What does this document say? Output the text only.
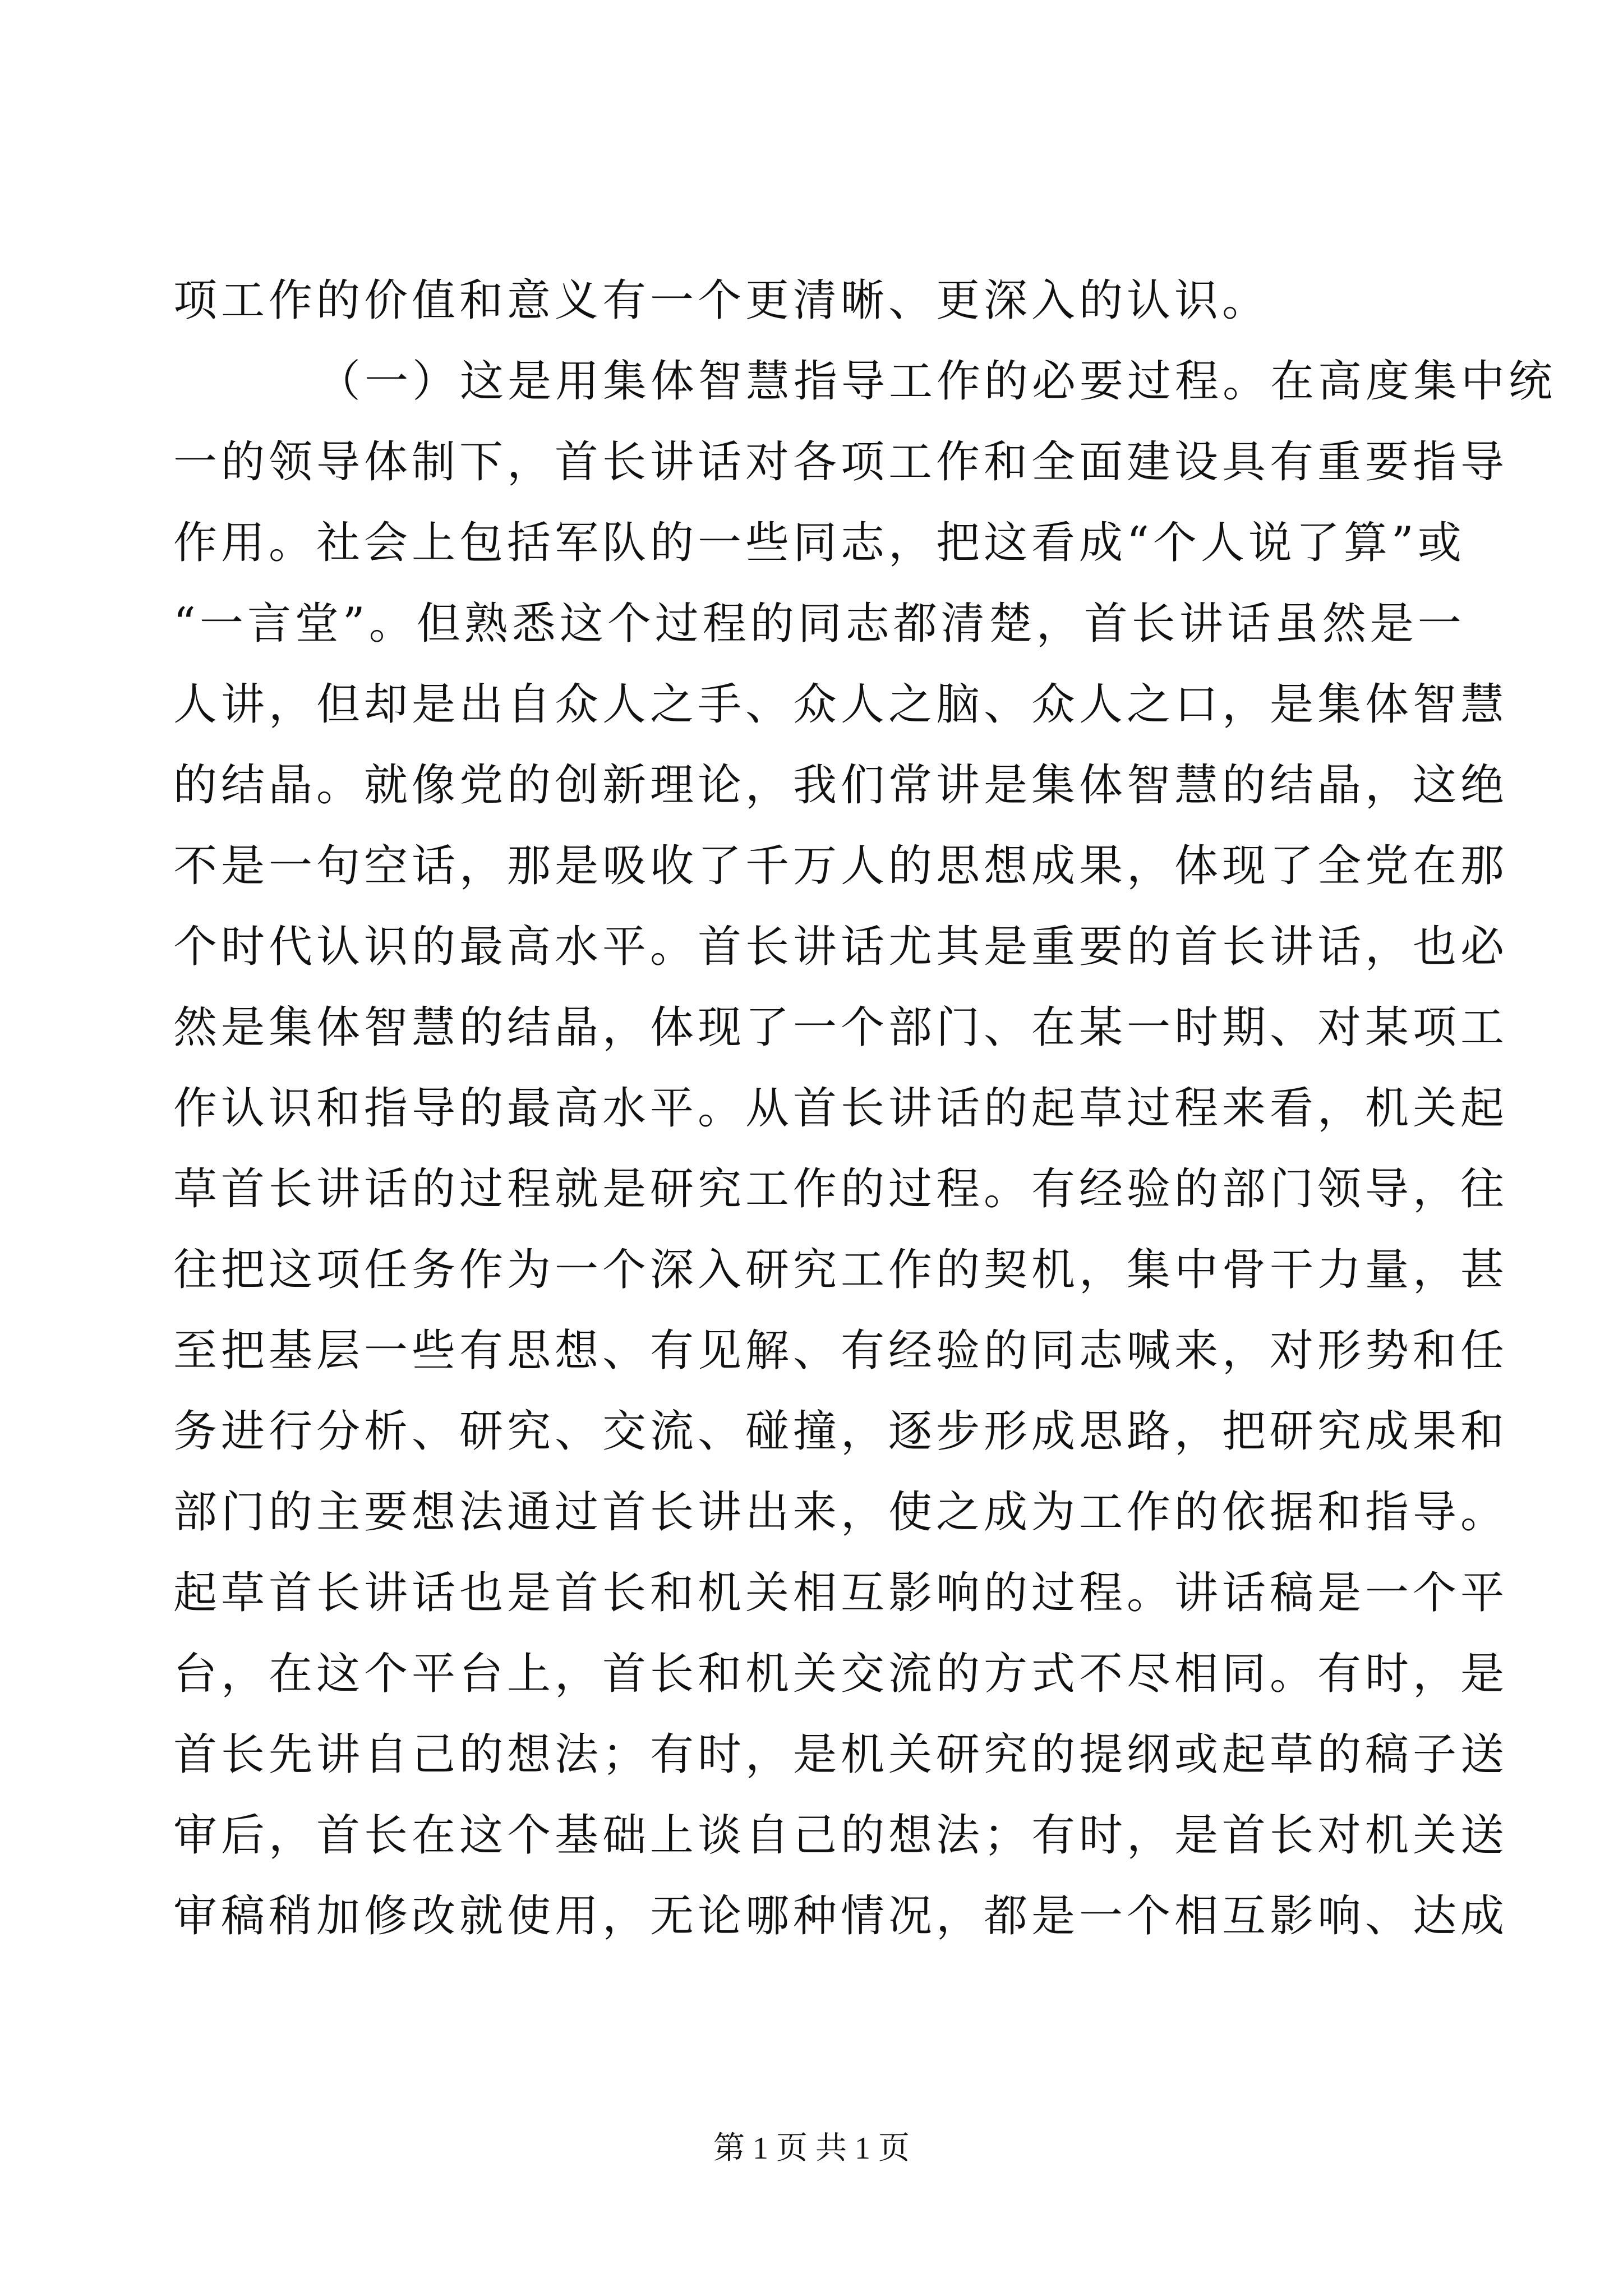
项工作的价值和意义有一个更清晰、更深入的认识。
（一）这是用集体智慧指导工作的必要过程。在高度集中统
一的领导体制下，首长讲话对各项工作和全面建设具有重要指导
作用。社会上包括军队的一些同志，把这看成“个人说了算”或
“一言堂”。但熟悉这个过程的同志都清楚，首长讲话虽然是一
人讲，但却是出自众人之手、众人之脑、众人之口，是集体智慧
的结晶。就像党的创新理论，我们常讲是集体智慧的结晶，这绝
不是一句空话，那是吸收了千万人的思想成果，体现了全党在那
个时代认识的最高水平。首长讲话尤其是重要的首长讲话，也必
然是集体智慧的结晶，体现了一个部门、在某一时期、对某项工
作认识和指导的最高水平。从首长讲话的起草过程来看，机关起
草首长讲话的过程就是研究工作的过程。有经验的部门领导，往
往把这项任务作为一个深入研究工作的契机，集中骨干力量，甚
至把基层一些有思想、有见解、有经验的同志喊来，对形势和任
务进行分析、研究、交流、碰撞，逐步形成思路，把研究成果和
部门的主要想法通过首长讲出来，使之成为工作的依据和指导。
起草首长讲话也是首长和机关相互影响的过程。讲话稿是一个平
台，在这个平台上，首长和机关交流的方式不尽相同。有时，是
首长先讲自己的想法；有时，是机关研究的提纲或起草的稿子送
审后，首长在这个基础上谈自己的想法；有时，是首长对机关送
审稿稍加修改就使用，无论哪种情况，都是一个相互影响、达成
第 1 页 共 1 页
